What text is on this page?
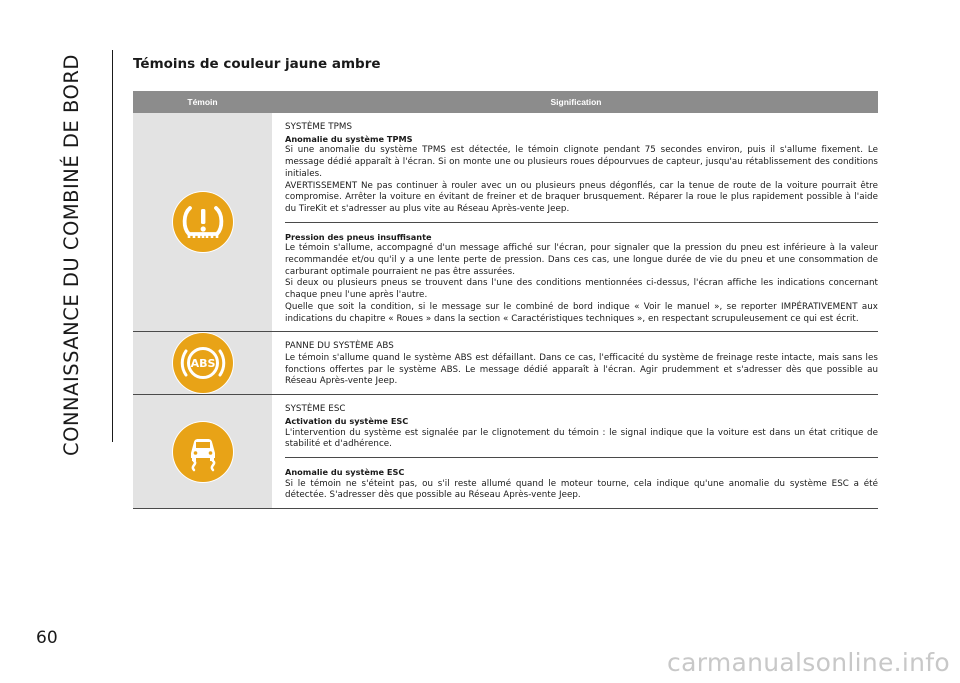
CONNAISSANCE DU COMBINÉ DE BORD
60
Témoins de couleur jaune ambre
Témoin	Signification

SYSTÈME TPMS

Anomalie du système TPMS

Si une anomalie du système TPMS est détectée, le témoin clignote pendant 75 secondes environ, puis il s'allume fixement. Le message dédié apparaît à l'écran. Si on monte une ou plusieurs roues dépourvues de capteur, jusqu'au rétablissement des conditions initiales.

AVERTISSEMENT Ne pas continuer à rouler avec un ou plusieurs pneus dégonflés, car la tenue de route de la voiture pourrait être compromise. Arrêter la voiture en évitant de freiner et de braquer brusquement. Réparer la roue le plus rapidement possible à l'aide du TireKit et s'adresser au plus vite au Réseau Après-vente Jeep.

Pression des pneus insuffisante

Le témoin s'allume, accompagné d'un message affiché sur l'écran, pour signaler que la pression du pneu est inférieure à la valeur recommandée et/ou qu'il y a une lente perte de pression. Dans ces cas, une longue durée de vie du pneu et une consommation de carburant optimale pourraient ne pas être assurées.

Si deux ou plusieurs pneus se trouvent dans l'une des conditions mentionnées ci-dessus, l'écran affiche les indications concernant chaque pneu l'une après l'autre.

Quelle que soit la condition, si le message sur le combiné de bord indique « Voir le manuel », se reporter IMPÉRATIVEMENT aux indications du chapitre « Roues » dans la section « Caractéristiques techniques », en respectant scrupuleusement ce qui est écrit.

ABS

PANNE DU SYSTÈME ABS

Le témoin s'allume quand le système ABS est défaillant. Dans ce cas, l'efficacité du système de freinage reste intacte, mais sans les fonctions offertes par le système ABS. Le message dédié apparaît à l'écran. Agir prudemment et s'adresser dès que possible au Réseau Après-vente Jeep.

SYSTÈME ESC

Activation du système ESC

L'intervention du système est signalée par le clignotement du témoin : le signal indique que la voiture est dans un état critique de stabilité et d'adhérence.

Anomalie du système ESC

Si le témoin ne s'éteint pas, ou s'il reste allumé quand le moteur tourne, cela indique qu'une anomalie du système ESC a été détectée. S'adresser dès que possible au Réseau Après-vente Jeep.

carmanualsonline.info
